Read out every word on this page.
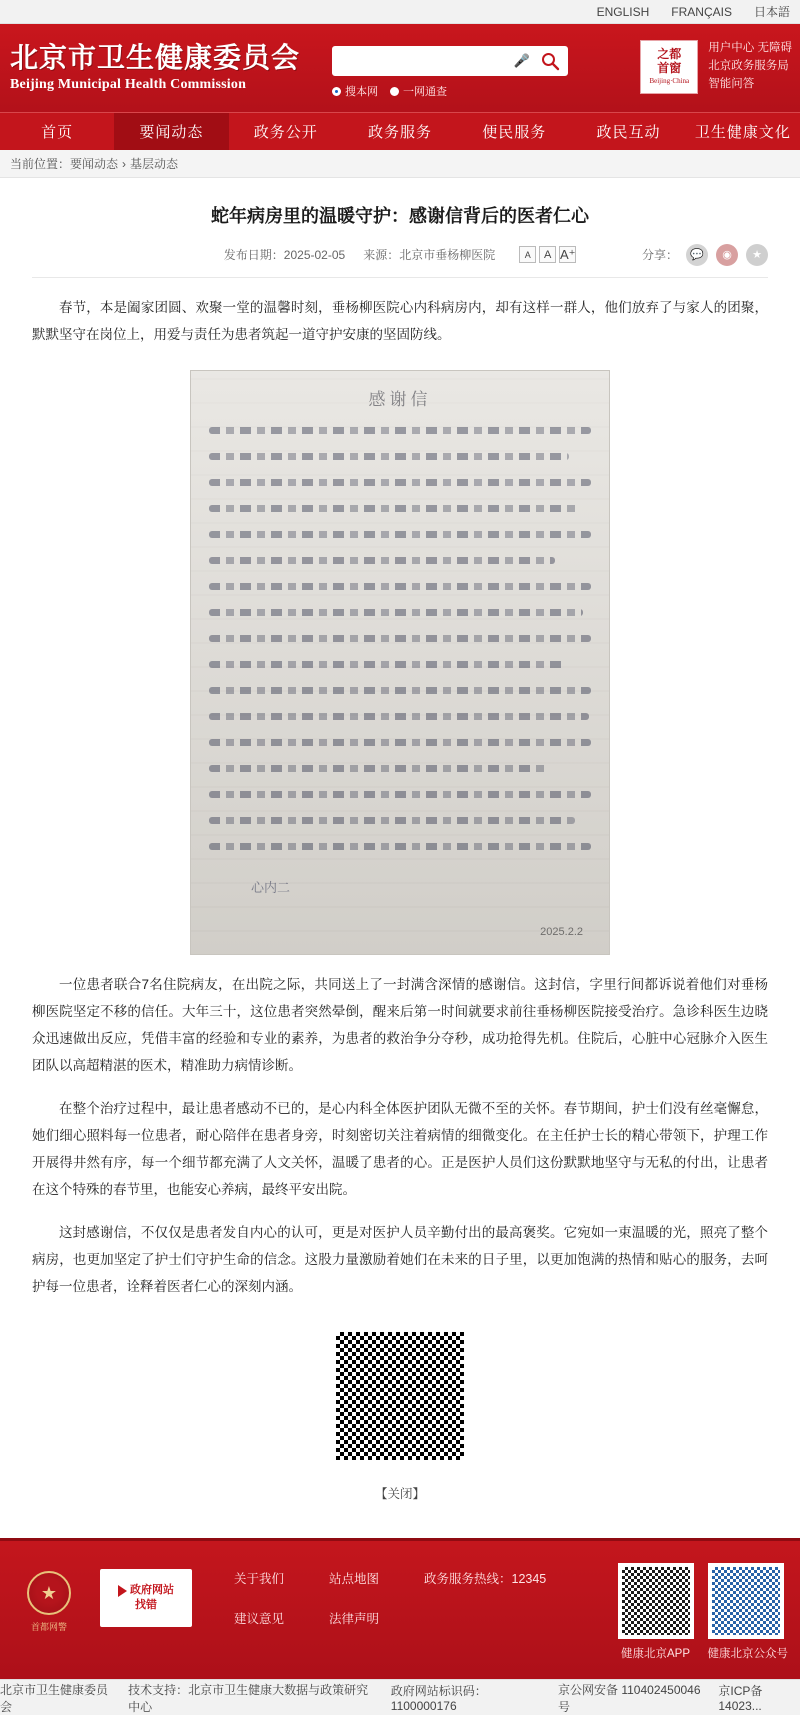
ENGLISH FRANÇAIS 日本語
北京市卫生健康委员会
Beijing Municipal Health Commission
🎤
搜本网 一网通查
之都
首窗
Beijing·China
用户中心 无障碍
北京政务服务局
智能问答
首页	要闻动态	政务公开	政务服务	便民服务	政民互动	卫生健康文化
当前位置： 要闻动态 › 基层动态
蛇年病房里的温暖守护：感谢信背后的医者仁心
发布日期：2025-02-05 来源：北京市垂杨柳医院	A	A A⁺	分享：	💬	◉	★

春节，本是阖家团圆、欢聚一堂的温馨时刻，垂杨柳医院心内科病房内，却有这样一群人，他们放弃了与家人的团聚，默默坚守在岗位上，用爱与责任为患者筑起一道守护安康的坚固防线。

感谢信
心内二
2025.2.2

一位患者联合7名住院病友，在出院之际，共同送上了一封满含深情的感谢信。这封信，字里行间都诉说着他们对垂杨柳医院坚定不移的信任。大年三十，这位患者突然晕倒，醒来后第一时间就要求前往垂杨柳医院接受治疗。急诊科医生边晓众迅速做出反应，凭借丰富的经验和专业的素养，为患者的救治争分夺秒，成功抢得先机。住院后，心脏中心冠脉介入医生团队以高超精湛的医术，精准助力病情诊断。

在整个治疗过程中，最让患者感动不已的，是心内科全体医护团队无微不至的关怀。春节期间，护士们没有丝毫懈怠，她们细心照料每一位患者，耐心陪伴在患者身旁，时刻密切关注着病情的细微变化。在主任护士长的精心带领下，护理工作开展得井然有序，每一个细节都充满了人文关怀，温暖了患者的心。正是医护人员们这份默默地坚守与无私的付出，让患者在这个特殊的春节里，也能安心养病，最终平安出院。

这封感谢信，不仅仅是患者发自内心的认可，更是对医护人员辛勤付出的最高褒奖。它宛如一束温暖的光，照亮了整个病房，也更加坚定了护士们守护生命的信念。这股力量激励着她们在未来的日子里，以更加饱满的热情和贴心的服务，去呵护每一位患者，诠释着医者仁心的深刻内涵。

【关闭】
★
首都网警
政府网站
找错
关于我们	站点地图	政务服务热线：12345
建议意见	法律声明
健康北京APP	健康北京公众号
北京市卫生健康委员会
技术支持：北京市卫生健康大数据与政策研究中心
政府网站标识码：1100000176
京公网安备 110402450046号
京ICP备14023...
